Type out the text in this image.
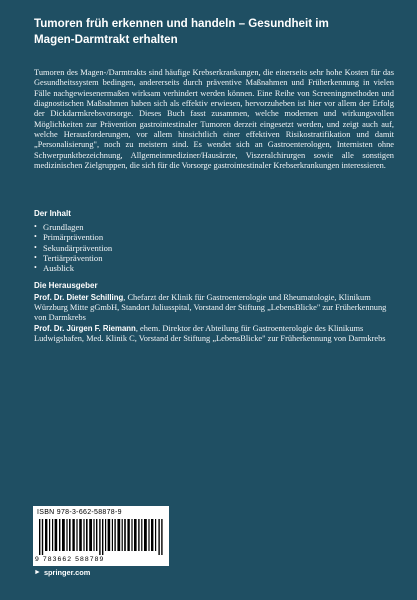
Tumoren früh erkennen und handeln – Gesundheit im
Magen-Darmtrakt erhalten
Tumoren des Magen-/Darmtrakts sind häufige Krebserkrankungen, die einerseits sehr hohe Kosten für das Gesundheitssystem bedingen, andererseits durch präventive Maßnahmen und Früherkennung in vielen Fälle nachgewiesenermaßen wirksam verhindert werden können. Eine Reihe von Screeningmethoden und diagnostischen Maßnahmen haben sich als effektiv erwiesen, hervorzuheben ist hier vor allem der Erfolg der Dickdarmkrebsvorsorge. Dieses Buch fasst zusammen, welche modernen und wirkungsvollen Möglichkeiten zur Prävention gastrointestinaler Tumoren derzeit eingesetzt werden, und zeigt auch auf, welche Herausforderungen, vor allem hinsichtlich einer effektiven Risikostratifikation und damit „Personalisierung", noch zu meistern sind. Es wendet sich an Gastroenterologen, Internisten ohne Schwerpunktbezeichnung, Allgemeinmediziner/Hausärzte, Viszeralchirurgen sowie alle sonstigen medizinischen Zielgruppen, die sich für die Vorsorge gastrointestinaler Krebserkrankungen interessieren.
Der Inhalt
• Grundlagen
• Primärprävention
• Sekundärprävention
• Tertiärprävention
• Ausblick
Die Herausgeber

Prof. Dr. Dieter Schilling, Chefarzt der Klinik für Gastroenterologie und Rheumatologie, Klinikum Würzburg Mitte gGmbH, Standort Juliusspital, Vorstand der Stiftung „LebensBlicke" zur Früherkennung von Darmkrebs

Prof. Dr. Jürgen F. Riemann, ehem. Direktor der Abteilung für Gastroenterologie des Klinikums Ludwigshafen, Med. Klinik C, Vorstand der Stiftung „LebensBlicke" zur Früherkennung von Darmkrebs

ISBN 978-3-662-58878-9
9 783662 588789
► springer.com
